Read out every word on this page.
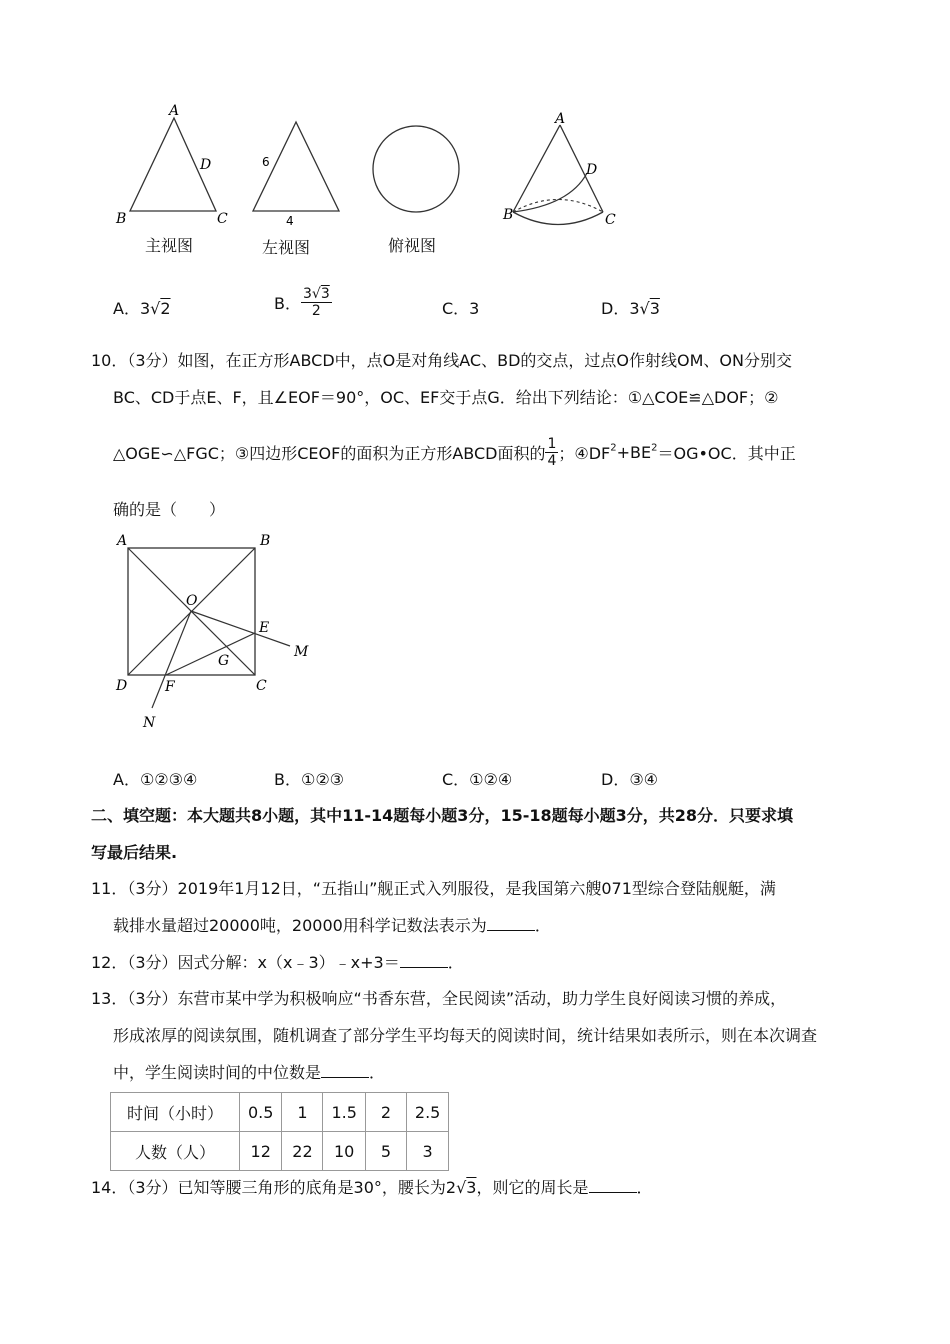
A
D
B	C
6
4
A
D
B	C
主视图	左视图	俯视图
A．3√2	B． $\frac{3√3}{2}$	C．3	D．3√3
10．（3分）如图，在正方形ABCD中，点O是对角线AC、BD的交点，过点O作射线OM、ON分别交
BC、CD于点E、F，且∠EOF＝90°，OC、EF交于点G．给出下列结论：①△COE≌△DOF；②
△OGE∽△FGC；③四边形CEOF的面积为正方形ABCD面积的 $\frac{1}{4}$ ；$④DF^2+BE^2=OG•OC$．其中正
确的是（　　）
A	B
O
E
M
G
D	F	C
N
A．①②③④	B．①②③	C．①②④	D．③④
二、填空题：本大题共8小题，其中11-14题每小题3分，15-18题每小题3分，共28分．只要求填
写最后结果.
11．（3分）2019年1月12日，“五指山”舰正式入列服役，是我国第六艘071型综合登陆舰艇，满
载排水量超过20000吨，20000用科学记数法表示为	．
12．（3分）因式分解：x（x﹣3）﹣x+3＝	．
13．（3分）东营市某中学为积极响应“书香东营，全民阅读”活动，助力学生良好阅读习惯的养成，
形成浓厚的阅读氛围，随机调查了部分学生平均每天的阅读时间，统计结果如表所示，则在本次调查
中，学生阅读时间的中位数是	．
时间（小时）	0.5	1	1.5	2	2.5
人数（人）	12	22	10	5	3
14．（3分）已知等腰三角形的底角是30°，腰长为2√3，则它的周长是	．
